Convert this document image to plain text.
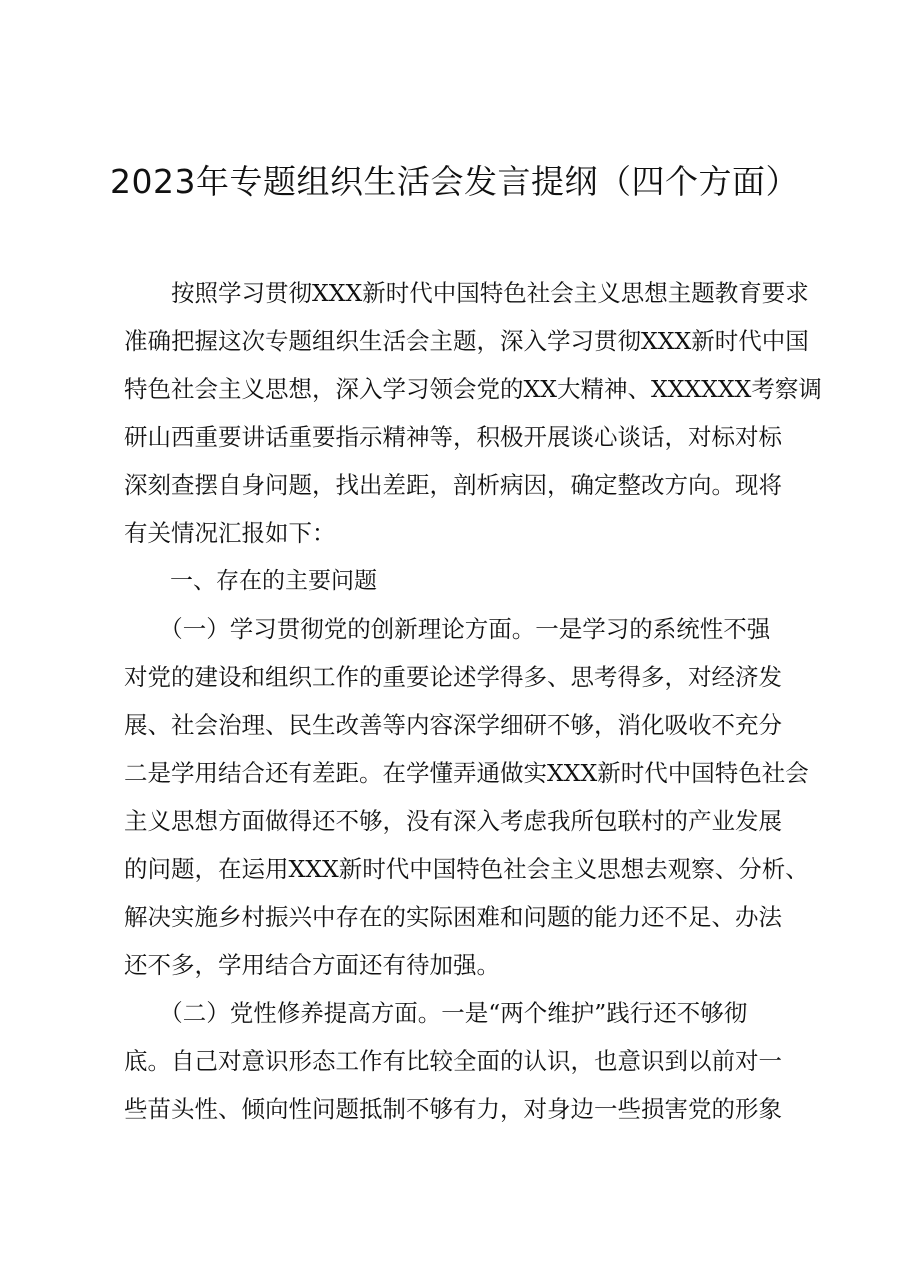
2023年专题组织生活会发言提纲（四个方面）
　　按照学习贯彻XXX新时代中国特色社会主义思想主题教育要求
准确把握这次专题组织生活会主题，深入学习贯彻XXX新时代中国
特色社会主义思想，深入学习领会党的XX大精神、XXXXXX考察调
研山西重要讲话重要指示精神等，积极开展谈心谈话，对标对标
深刻查摆自身问题，找出差距，剖析病因，确定整改方向。现将
有关情况汇报如下：
　　一、存在的主要问题
　　（一）学习贯彻党的创新理论方面。一是学习的系统性不强
对党的建设和组织工作的重要论述学得多、思考得多，对经济发
展、社会治理、民生改善等内容深学细研不够，消化吸收不充分
二是学用结合还有差距。在学懂弄通做实XXX新时代中国特色社会
主义思想方面做得还不够，没有深入考虑我所包联村的产业发展
的问题，在运用XXX新时代中国特色社会主义思想去观察、分析、
解决实施乡村振兴中存在的实际困难和问题的能力还不足、办法
还不多，学用结合方面还有待加强。
　　（二）党性修养提高方面。一是“两个维护”践行还不够彻
底。自己对意识形态工作有比较全面的认识，也意识到以前对一
些苗头性、倾向性问题抵制不够有力，对身边一些损害党的形象
